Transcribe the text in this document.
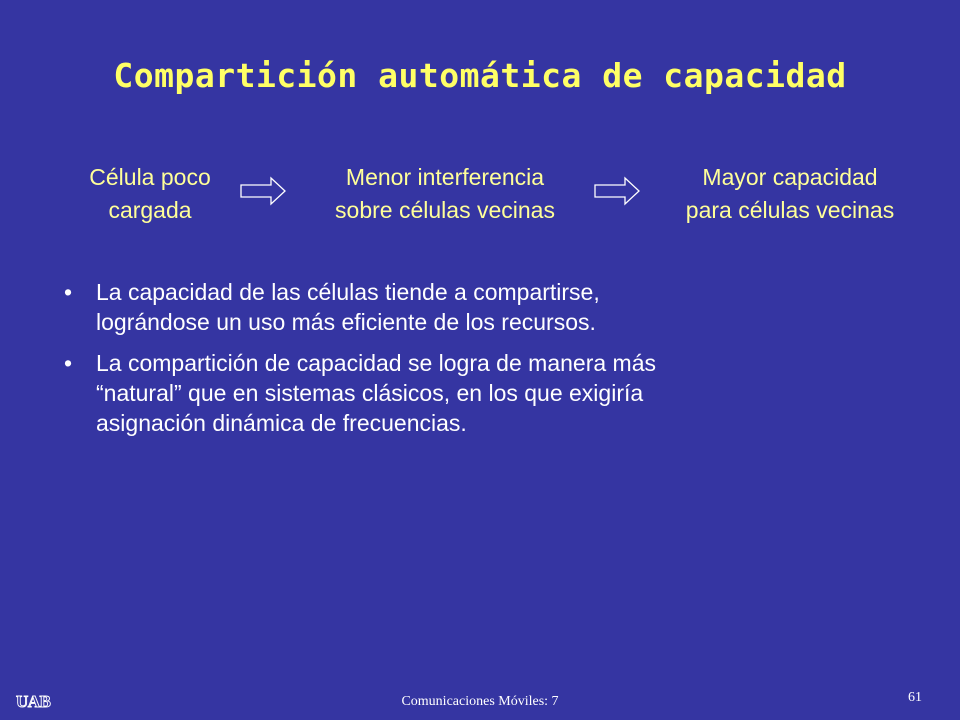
Compartición automática de capacidad
Célula poco
cargada
Menor interferencia
sobre células vecinas
Mayor capacidad
para células vecinas
• La capacidad de las células tiende a compartirse,
lográndose un uso más eficiente de los recursos.
• La compartición de capacidad se logra de manera más
“natural” que en sistemas clásicos, en los que exigiría
asignación dinámica de frecuencias.
UAB	Comunicaciones Móviles: 7	61
